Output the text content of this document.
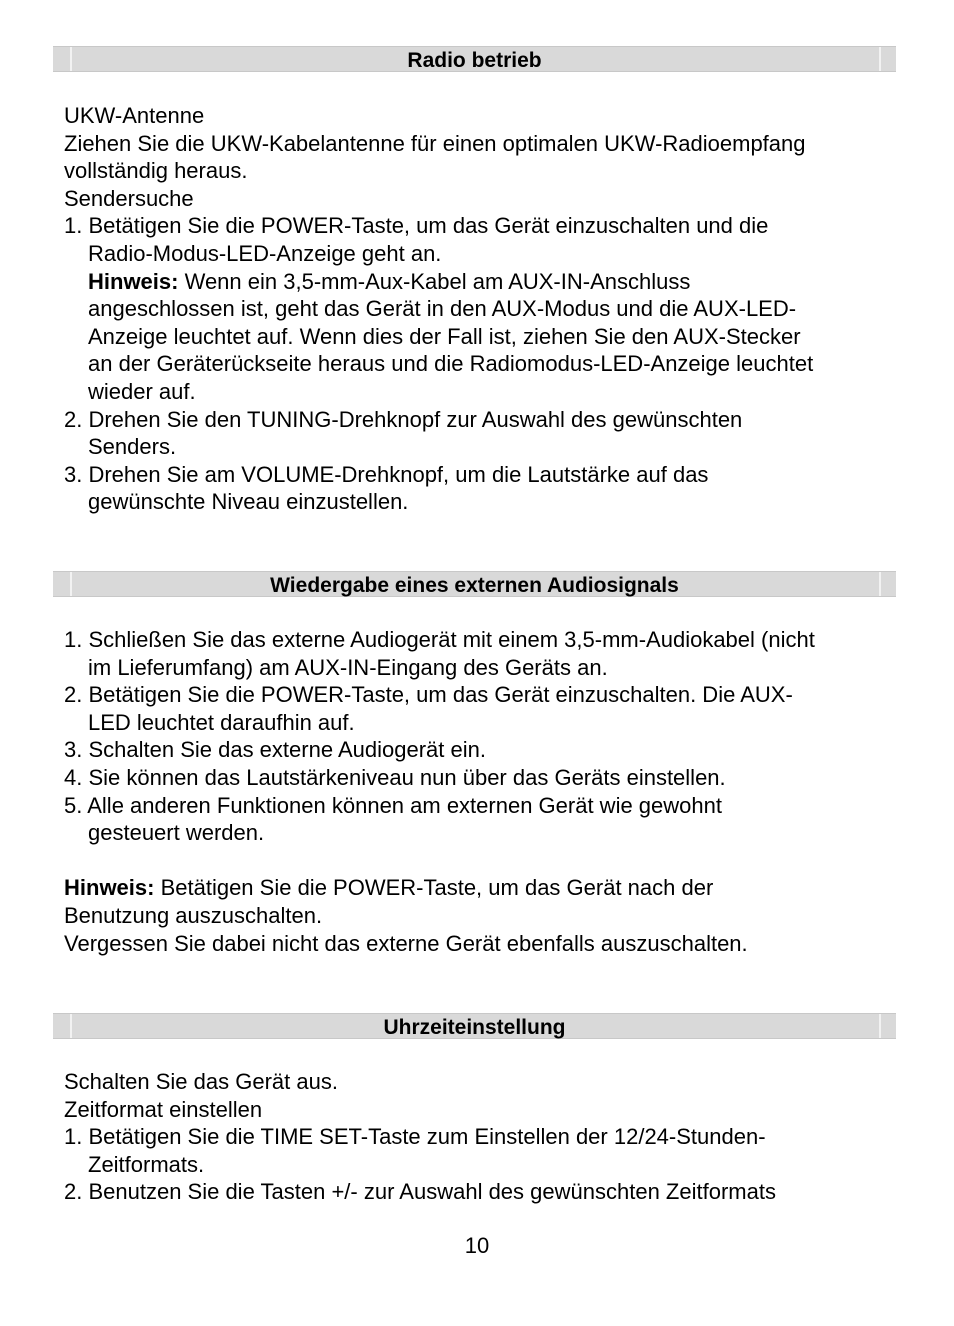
Radio betrieb
UKW-Antenne
Ziehen Sie die UKW-Kabelantenne für einen optimalen UKW-Radioempfang
vollständig heraus.
Sendersuche
1. Betätigen Sie die POWER-Taste, um das Gerät einzuschalten und die
Radio-Modus-LED-Anzeige geht an.
Hinweis: Wenn ein 3,5-mm-Aux-Kabel am AUX-IN-Anschluss
angeschlossen ist, geht das Gerät in den AUX-Modus und die AUX-LED-
Anzeige leuchtet auf. Wenn dies der Fall ist, ziehen Sie den AUX-Stecker
an der Geräterückseite heraus und die Radiomodus-LED-Anzeige leuchtet
wieder auf.
2. Drehen Sie den TUNING-Drehknopf zur Auswahl des gewünschten
Senders.
3. Drehen Sie am VOLUME-Drehknopf, um die Lautstärke auf das
gewünschte Niveau einzustellen.
Wiedergabe eines externen Audiosignals
1. Schließen Sie das externe Audiogerät mit einem 3,5-mm-Audiokabel (nicht
im Lieferumfang) am AUX-IN-Eingang des Geräts an.
2. Betätigen Sie die POWER-Taste, um das Gerät einzuschalten. Die AUX-
LED leuchtet daraufhin auf.
3. Schalten Sie das externe Audiogerät ein.
4. Sie können das Lautstärkeniveau nun über das Geräts einstellen.
5. Alle anderen Funktionen können am externen Gerät wie gewohnt
gesteuert werden.
Hinweis: Betätigen Sie die POWER-Taste, um das Gerät nach der
Benutzung auszuschalten.
Vergessen Sie dabei nicht das externe Gerät ebenfalls auszuschalten.
Uhrzeiteinstellung
Schalten Sie das Gerät aus.
Zeitformat einstellen
1. Betätigen Sie die TIME SET-Taste zum Einstellen der 12/24-Stunden-
Zeitformats.
2. Benutzen Sie die Tasten +/- zur Auswahl des gewünschten Zeitformats
10
